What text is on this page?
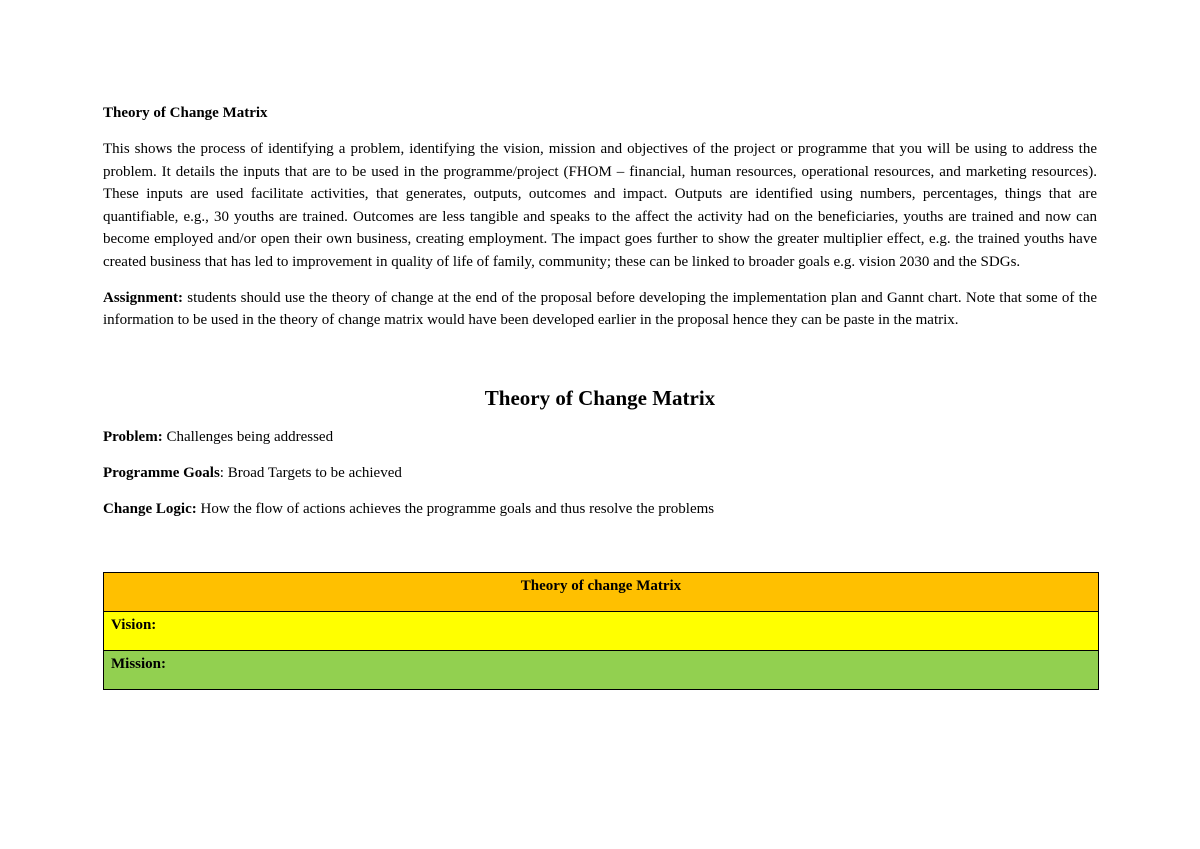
Theory of Change Matrix

This shows the process of identifying a problem, identifying the vision, mission and objectives of the project or programme that you will be using to address the problem. It details the inputs that are to be used in the programme/project (FHOM – financial, human resources, operational resources, and marketing resources). These inputs are used facilitate activities, that generates, outputs, outcomes and impact. Outputs are identified using numbers, percentages, things that are quantifiable, e.g., 30 youths are trained. Outcomes are less tangible and speaks to the affect the activity had on the beneficiaries, youths are trained and now can become employed and/or open their own business, creating employment. The impact goes further to show the greater multiplier effect, e.g. the trained youths have created business that has led to improvement in quality of life of family, community; these can be linked to broader goals e.g. vision 2030 and the SDGs.

Assignment: students should use the theory of change at the end of the proposal before developing the implementation plan and Gannt chart. Note that some of the information to be used in the theory of change matrix would have been developed earlier in the proposal hence they can be paste in the matrix.

Theory of Change Matrix
Problem: Challenges being addressed
Programme Goals: Broad Targets to be achieved
Change Logic: How the flow of actions achieves the programme goals and thus resolve the problems
Theory of change Matrix
Vision:
Mission:
